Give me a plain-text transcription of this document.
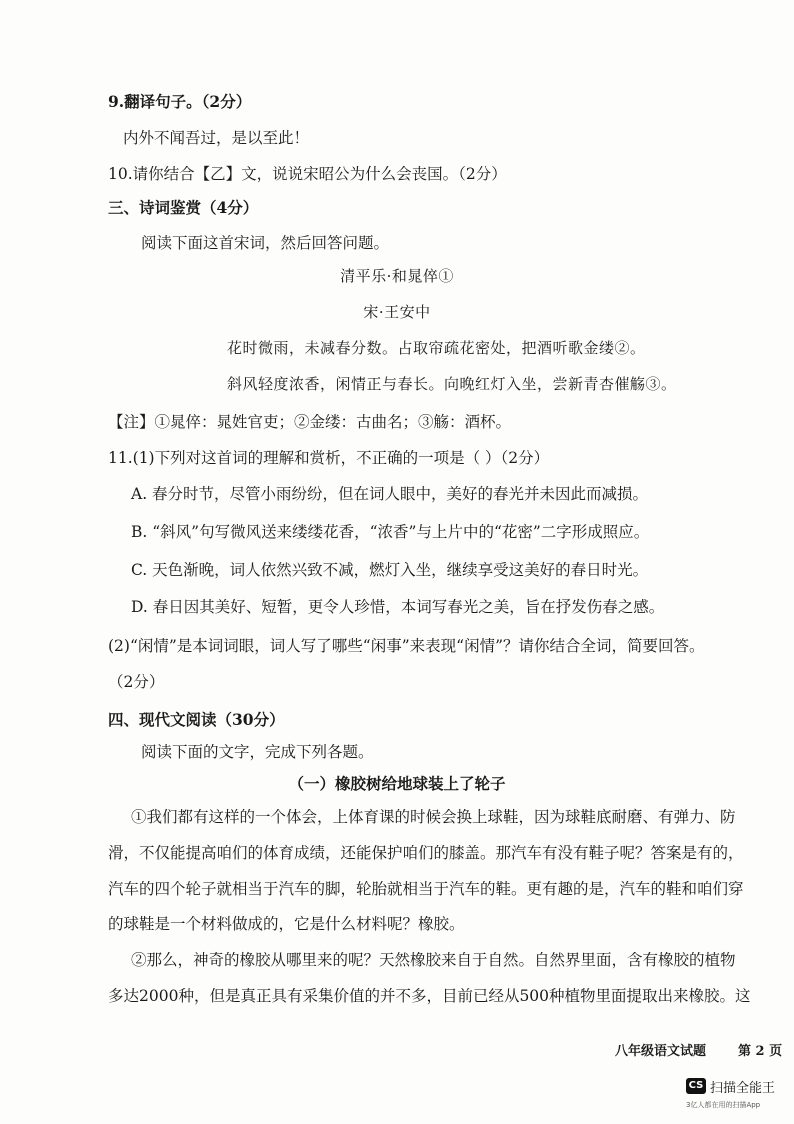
9.翻译句子。（2分）
内外不闻吾过，是以至此！
10.请你结合【乙】文，说说宋昭公为什么会丧国。（2分）
三、诗词鉴赏（4分）
阅读下面这首宋词，然后回答问题。
清平乐·和晁倅①
宋·王安中
花时微雨，未减春分数。占取帘疏花密处，把酒听歌金缕②。
斜风轻度浓香，闲情正与春长。向晚红灯入坐，尝新青杏催觞③。
【注】①晁倅：晁姓官吏；②金缕：古曲名；③觞：酒杯。
11.(1)下列对这首词的理解和赏析，不正确的一项是（ ）（2分）
A. 春分时节，尽管小雨纷纷，但在词人眼中，美好的春光并未因此而减损。
B. “斜风”句写微风送来缕缕花香，“浓香”与上片中的“花密”二字形成照应。
C. 天色渐晚，词人依然兴致不减，燃灯入坐，继续享受这美好的春日时光。
D. 春日因其美好、短暂，更令人珍惜，本词写春光之美，旨在抒发伤春之感。
(2)“闲情”是本词词眼，词人写了哪些“闲事”来表现“闲情”？请你结合全词，简要回答。
（2分）
四、现代文阅读（30分）
阅读下面的文字，完成下列各题。
（一）橡胶树给地球装上了轮子
①我们都有这样的一个体会，上体育课的时候会换上球鞋，因为球鞋底耐磨、有弹力、防
滑，不仅能提高咱们的体育成绩，还能保护咱们的膝盖。那汽车有没有鞋子呢？答案是有的，
汽车的四个轮子就相当于汽车的脚，轮胎就相当于汽车的鞋。更有趣的是，汽车的鞋和咱们穿
的球鞋是一个材料做成的，它是什么材料呢？橡胶。
②那么，神奇的橡胶从哪里来的呢？天然橡胶来自于自然。自然界里面，含有橡胶的植物
多达2000种，但是真正具有采集价值的并不多，目前已经从500种植物里面提取出来橡胶。这
八年级语文试题 第 2 页
CS 扫描全能王
3亿人都在用的扫描App
